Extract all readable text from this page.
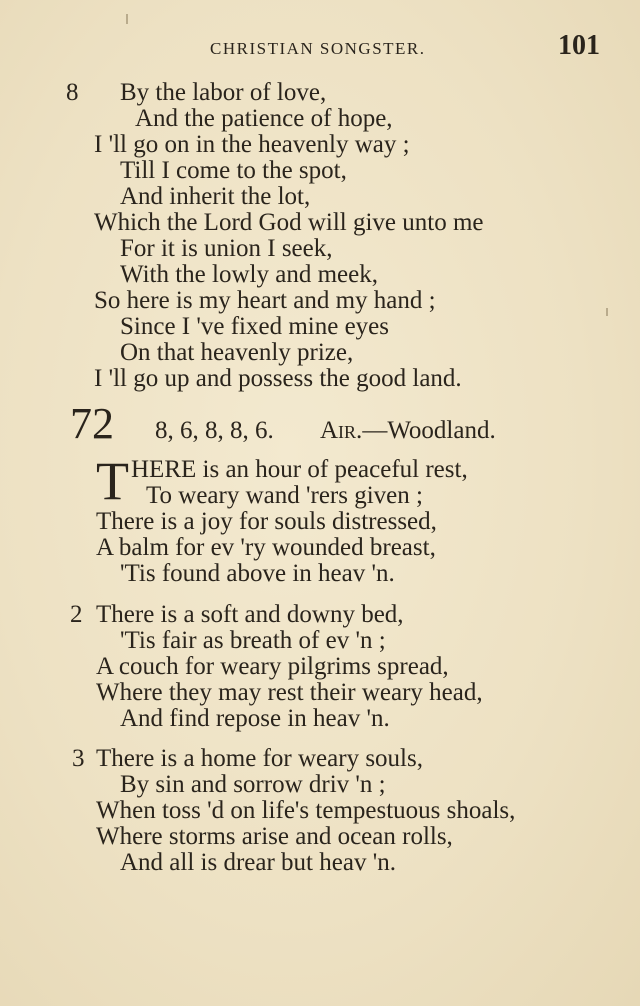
CHRISTIAN SONGSTER.	101
8 By the labor of love,
And the patience of hope,
I 'll go on in the heavenly way ;
Till I come to the spot,
And inherit the lot,
Which the Lord God will give unto me
For it is union I seek,
With the lowly and meek,
So here is my heart and my hand ;
Since I 've fixed mine eyes
On that heavenly prize,
I 'll go up and possess the good land.
72 8, 6, 8, 8, 6. Air.—Woodland.
T HERE is an hour of peaceful rest,
To weary wand 'rers given ;
There is a joy for souls distressed,
A balm for ev 'ry wounded breast,
'Tis found above in heav 'n.
2 There is a soft and downy bed,
'Tis fair as breath of ev 'n ;
A couch for weary pilgrims spread,
Where they may rest their weary head,
And find repose in heav 'n.
3 There is a home for weary souls,
By sin and sorrow driv 'n ;
When toss 'd on life's tempestuous shoals,
Where storms arise and ocean rolls,
And all is drear but heav 'n.
